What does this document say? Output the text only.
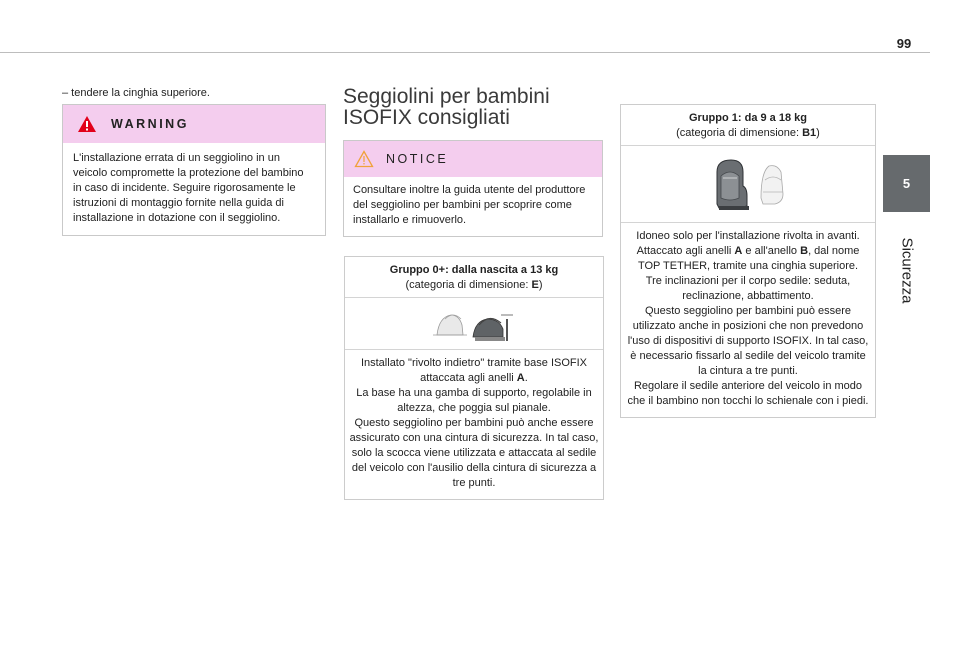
99
5
Sicurezza
– tendere la cinghia superiore.
WARNING
L'installazione errata di un seggiolino in un veicolo compromette la protezione del bambino in caso di incidente. Seguire rigorosamente le istruzioni di montaggio fornite nella guida di installazione in dotazione con il seggiolino.
Seggiolini per bambini
ISOFIX consigliati
NOTICE
Consultare inoltre la guida utente del produttore del seggiolino per bambini per scoprire come installarlo e rimuoverlo.
Gruppo 0+: dalla nascita a 13 kg
(categoria di dimensione: E)

Installato "rivolto indietro" tramite base ISOFIX attaccata agli anelli A.

La base ha una gamba di supporto, regolabile in altezza, che poggia sul pianale.

Questo seggiolino per bambini può anche essere assicurato con una cintura di sicurezza. In tal caso, solo la scocca viene utilizzata e attaccata al sedile del veicolo con l'ausilio della cintura di sicurezza a tre punti.

Gruppo 1: da 9 a 18 kg
(categoria di dimensione: B1)

Idoneo solo per l'installazione rivolta in avanti.

Attaccato agli anelli A e all'anello B, dal nome TOP TETHER, tramite una cinghia superiore.

Tre inclinazioni per il corpo sedile: seduta, reclinazione, abbattimento.

Questo seggiolino per bambini può essere utilizzato anche in posizioni che non prevedono l'uso di dispositivi di supporto ISOFIX. In tal caso, è necessario fissarlo al sedile del veicolo tramite la cintura a tre punti.

Regolare il sedile anteriore del veicolo in modo che il bambino non tocchi lo schienale con i piedi.
